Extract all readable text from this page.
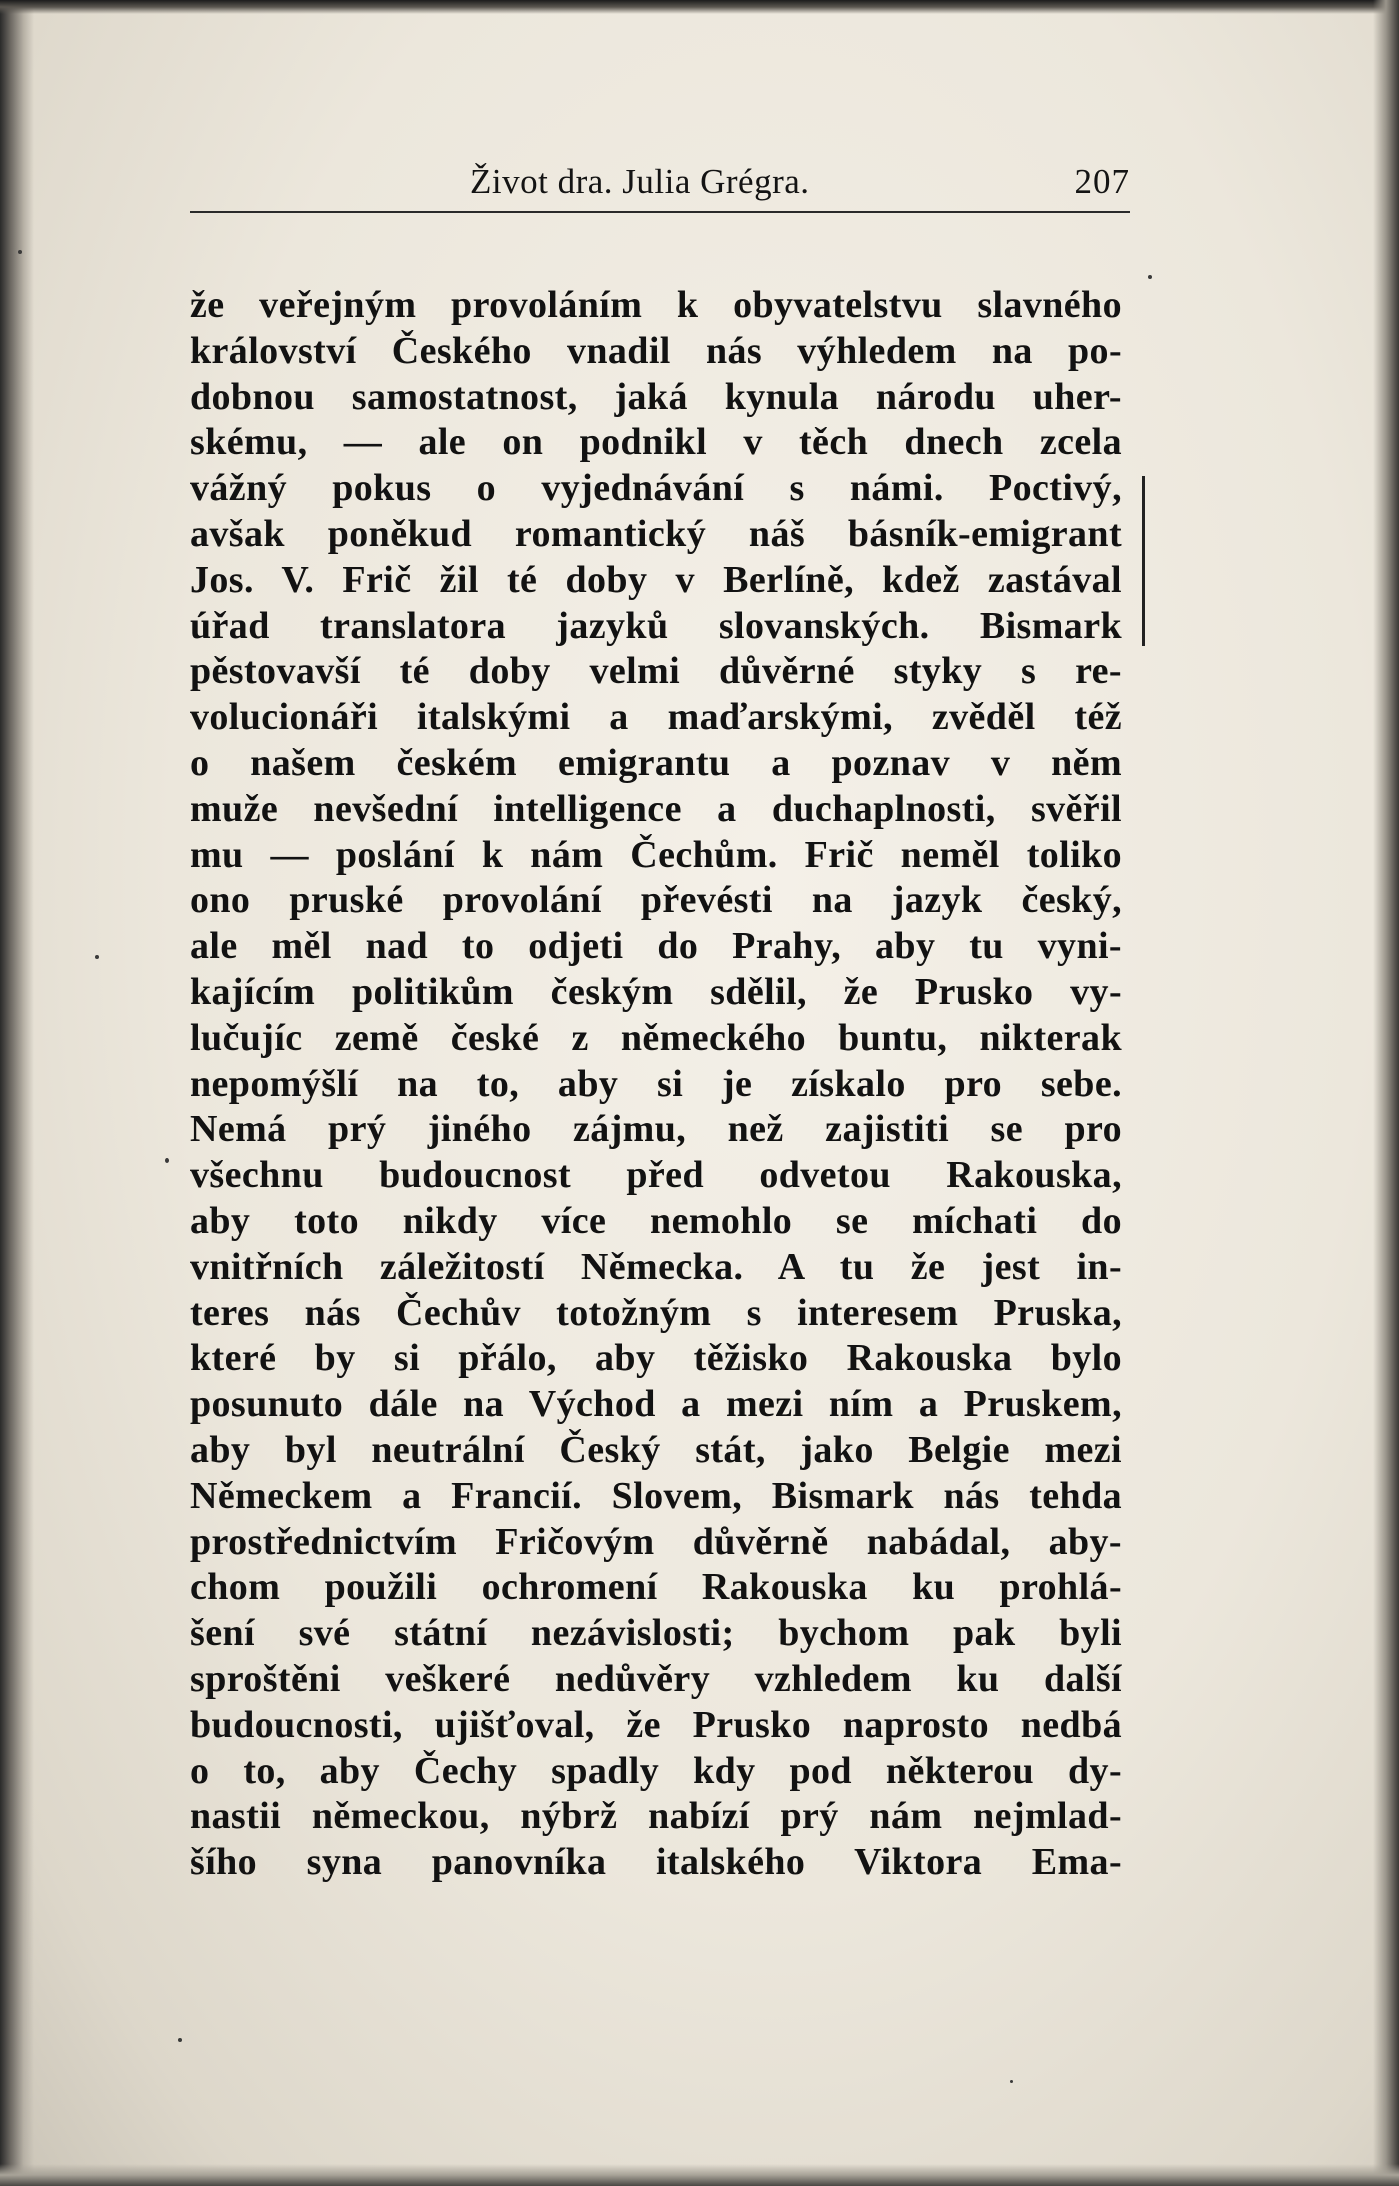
Život dra. Julia Grégra.	207
že veřejným provoláním k obyvatelstvu slavného
království Českého vnadil nás výhledem na po-
dobnou samostatnost, jaká kynula národu uher-
skému, — ale on podnikl v těch dnech zcela
vážný pokus o vyjednávání s námi. Poctivý,
avšak poněkud romantický náš básník-emigrant
Jos. V. Frič žil té doby v Berlíně, kdež zastával
úřad translatora jazyků slovanských. Bismark
pěstovavší té doby velmi důvěrné styky s re-
volucionáři italskými a maďarskými, zvěděl též
o našem českém emigrantu a poznav v něm
muže nevšední intelligence a duchaplnosti, svěřil
mu — poslání k nám Čechům. Frič neměl toliko
ono pruské provolání převésti na jazyk český,
ale měl nad to odjeti do Prahy, aby tu vyni-
kajícím politikům českým sdělil, že Prusko vy-
lučujíc země české z německého buntu, nikterak
nepomýšlí na to, aby si je získalo pro sebe.
Nemá prý jiného zájmu, než zajistiti se pro
všechnu budoucnost před odvetou Rakouska,
aby toto nikdy více nemohlo se míchati do
vnitřních záležitostí Německa. A tu že jest in-
teres nás Čechův totožným s interesem Pruska,
které by si přálo, aby těžisko Rakouska bylo
posunuto dále na Východ a mezi ním a Pruskem,
aby byl neutrální Český stát, jako Belgie mezi
Německem a Francií. Slovem, Bismark nás tehda
prostřednictvím Fričovým důvěrně nabádal, aby-
chom použili ochromení Rakouska ku prohlá-
šení své státní nezávislosti; bychom pak byli
sproštěni veškeré nedůvěry vzhledem ku další
budoucnosti, ujišťoval, že Prusko naprosto nedbá
o to, aby Čechy spadly kdy pod některou dy-
nastii německou, nýbrž nabízí prý nám nejmlad-
šího syna panovníka italského Viktora Ema-
